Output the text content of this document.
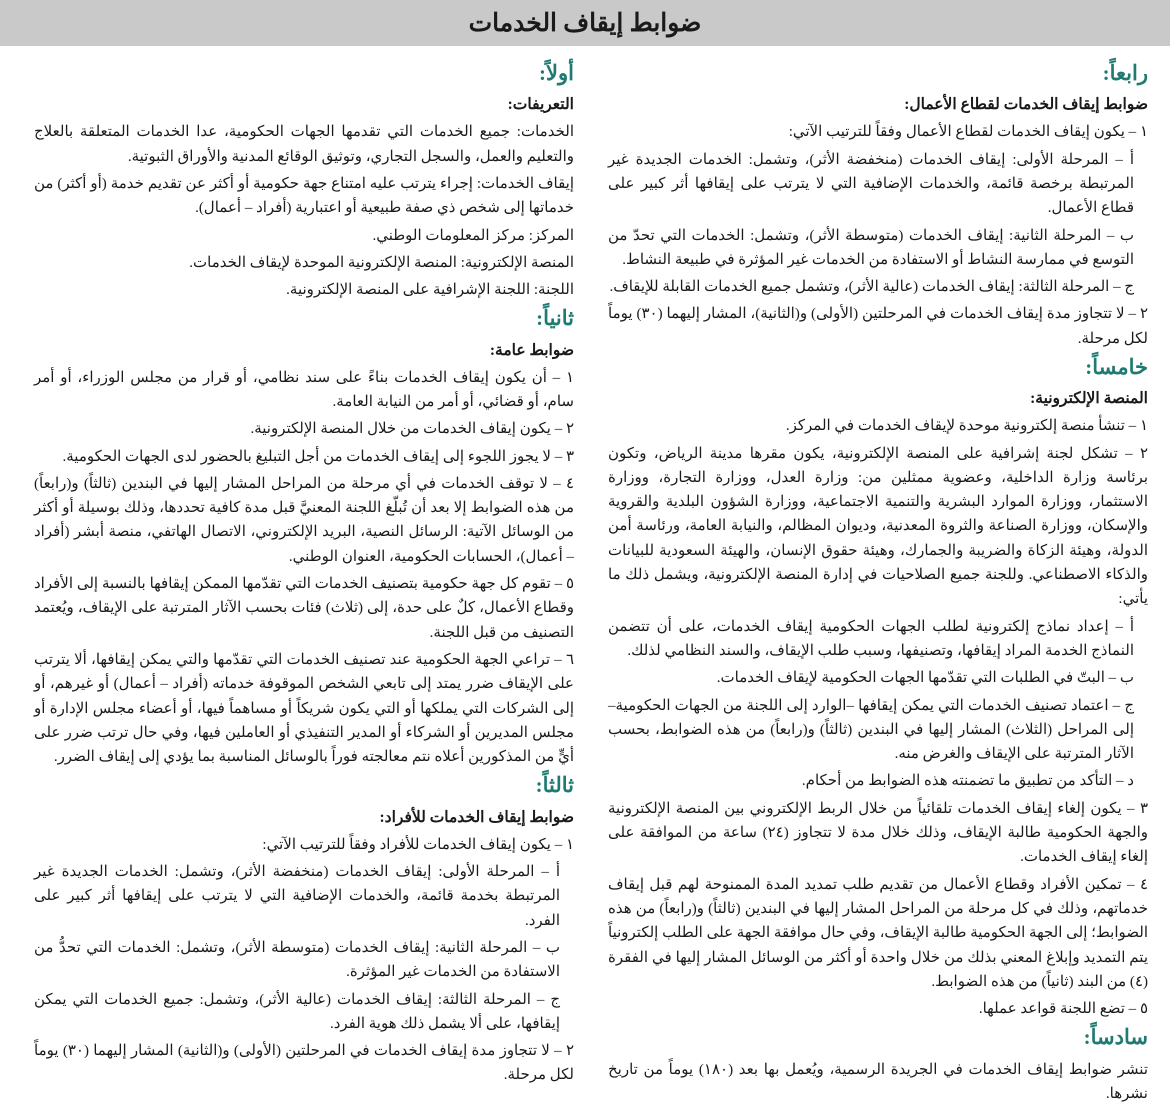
ضوابط إيقاف الخدمات
رابعاً:
ضوابط إيقاف الخدمات لقطاع الأعمال:

١ – يكون إيقاف الخدمات لقطاع الأعمال وفقاً للترتيب الآتي:

أ – المرحلة الأولى: إيقاف الخدمات (منخفضة الأثر)، وتشمل: الخدمات الجديدة غير المرتبطة برخصة قائمة، والخدمات الإضافية التي لا يترتب على إيقافها أثر كبير على قطاع الأعمال.

ب – المرحلة الثانية: إيقاف الخدمات (متوسطة الأثر)، وتشمل: الخدمات التي تحدّ من التوسع في ممارسة النشاط أو الاستفادة من الخدمات غير المؤثرة في طبيعة النشاط.

ج – المرحلة الثالثة: إيقاف الخدمات (عالية الأثر)، وتشمل جميع الخدمات القابلة للإيقاف.

٢ – لا تتجاوز مدة إيقاف الخدمات في المرحلتين (الأولى) و(الثانية)، المشار إليهما (٣٠) يوماً لكل مرحلة.

خامساً:
المنصة الإلكترونية:

١ – تنشأ منصة إلكترونية موحدة لإيقاف الخدمات في المركز.

٢ – تشكل لجنة إشرافية على المنصة الإلكترونية، يكون مقرها مدينة الرياض، وتكون برئاسة وزارة الداخلية، وعضوية ممثلين من: وزارة العدل، ووزارة التجارة، ووزارة الاستثمار، ووزارة الموارد البشرية والتنمية الاجتماعية، ووزارة الشؤون البلدية والقروية والإسكان، ووزارة الصناعة والثروة المعدنية، وديوان المظالم، والنيابة العامة، ورئاسة أمن الدولة، وهيئة الزكاة والضريبة والجمارك، وهيئة حقوق الإنسان، والهيئة السعودية للبيانات والذكاء الاصطناعي. وللجنة جميع الصلاحيات في إدارة المنصة الإلكترونية، ويشمل ذلك ما يأتي:

أ – إعداد نماذج إلكترونية لطلب الجهات الحكومية إيقاف الخدمات، على أن تتضمن النماذج الخدمة المراد إيقافها، وتصنيفها، وسبب طلب الإيقاف، والسند النظامي لذلك.

ب – البتّ في الطلبات التي تقدّمها الجهات الحكومية لإيقاف الخدمات.

ج – اعتماد تصنيف الخدمات التي يمكن إيقافها –الوارد إلى اللجنة من الجهات الحكومية– إلى المراحل (الثلاث) المشار إليها في البندين (ثالثاً) و(رابعاً) من هذه الضوابط، بحسب الآثار المترتبة على الإيقاف والغرض منه.

د – التأكد من تطبيق ما تضمنته هذه الضوابط من أحكام.

٣ – يكون إلغاء إيقاف الخدمات تلقائياً من خلال الربط الإلكتروني بين المنصة الإلكترونية والجهة الحكومية طالبة الإيقاف، وذلك خلال مدة لا تتجاوز (٢٤) ساعة من الموافقة على إلغاء إيقاف الخدمات.

٤ – تمكين الأفراد وقطاع الأعمال من تقديم طلب تمديد المدة الممنوحة لهم قبل إيقاف خدماتهم، وذلك في كل مرحلة من المراحل المشار إليها في البندين (ثالثاً) و(رابعاً) من هذه الضوابط؛ إلى الجهة الحكومية طالبة الإيقاف، وفي حال موافقة الجهة على الطلب إلكترونياً يتم التمديد وإبلاغ المعني بذلك من خلال واحدة أو أكثر من الوسائل المشار إليها في الفقرة (٤) من البند (ثانياً) من هذه الضوابط.

٥ – تضع اللجنة قواعد عملها.

سادساً:

تنشر ضوابط إيقاف الخدمات في الجريدة الرسمية، ويُعمل بها بعد (١٨٠) يوماً من تاريخ نشرها.

أولاً:
التعريفات:

الخدمات: جميع الخدمات التي تقدمها الجهات الحكومية، عدا الخدمات المتعلقة بالعلاج والتعليم والعمل، والسجل التجاري، وتوثيق الوقائع المدنية والأوراق الثبوتية.

إيقاف الخدمات: إجراء يترتب عليه امتناع جهة حكومية أو أكثر عن تقديم خدمة (أو أكثر) من خدماتها إلى شخص ذي صفة طبيعية أو اعتبارية (أفراد – أعمال).

المركز: مركز المعلومات الوطني.

المنصة الإلكترونية: المنصة الإلكترونية الموحدة لإيقاف الخدمات.

اللجنة: اللجنة الإشرافية على المنصة الإلكترونية.

ثانياً:
ضوابط عامة:

١ – أن يكون إيقاف الخدمات بناءً على سند نظامي، أو قرار من مجلس الوزراء، أو أمر سام، أو قضائي، أو أمر من النيابة العامة.

٢ – يكون إيقاف الخدمات من خلال المنصة الإلكترونية.

٣ – لا يجوز اللجوء إلى إيقاف الخدمات من أجل التبليغ بالحضور لدى الجهات الحكومية.

٤ – لا توقف الخدمات في أي مرحلة من المراحل المشار إليها في البندين (ثالثاً) و(رابعاً) من هذه الضوابط إلا بعد أن تُبلّغ اللجنة المعنيَّ قبل مدة كافية تحددها، وذلك بوسيلة أو أكثر من الوسائل الآتية: الرسائل النصية، البريد الإلكتروني، الاتصال الهاتفي، منصة أبشر (أفراد – أعمال)، الحسابات الحكومية، العنوان الوطني.

٥ – تقوم كل جهة حكومية بتصنيف الخدمات التي تقدّمها الممكن إيقافها بالنسبة إلى الأفراد وقطاع الأعمال، كلٌ على حدة، إلى (ثلاث) فئات بحسب الآثار المترتبة على الإيقاف، ويُعتمد التصنيف من قبل اللجنة.

٦ – تراعي الجهة الحكومية عند تصنيف الخدمات التي تقدّمها والتي يمكن إيقافها، ألا يترتب على الإيقاف ضرر يمتد إلى تابعي الشخص الموقوفة خدماته (أفراد – أعمال) أو غيرهم، أو إلى الشركات التي يملكها أو التي يكون شريكاً أو مساهماً فيها، أو أعضاء مجلس الإدارة أو مجلس المديرين أو الشركاء أو المدير التنفيذي أو العاملين فيها، وفي حال ترتب ضرر على أيٍّ من المذكورين أعلاه نتم معالجته فوراً بالوسائل المناسبة بما يؤدي إلى إيقاف الضرر.

ثالثاً:
ضوابط إيقاف الخدمات للأفراد:

١ – يكون إيقاف الخدمات للأفراد وفقاً للترتيب الآتي:

أ – المرحلة الأولى: إيقاف الخدمات (منخفضة الأثر)، وتشمل: الخدمات الجديدة غير المرتبطة بخدمة قائمة، والخدمات الإضافية التي لا يترتب على إيقافها أثر كبير على الفرد.

ب – المرحلة الثانية: إيقاف الخدمات (متوسطة الأثر)، وتشمل: الخدمات التي تحدُّ من الاستفادة من الخدمات غير المؤثرة.

ج – المرحلة الثالثة: إيقاف الخدمات (عالية الأثر)، وتشمل: جميع الخدمات التي يمكن إيقافها، على ألا يشمل ذلك هوية الفرد.

٢ – لا تتجاوز مدة إيقاف الخدمات في المرحلتين (الأولى) و(الثانية) المشار إليهما (٣٠) يوماً لكل مرحلة.
